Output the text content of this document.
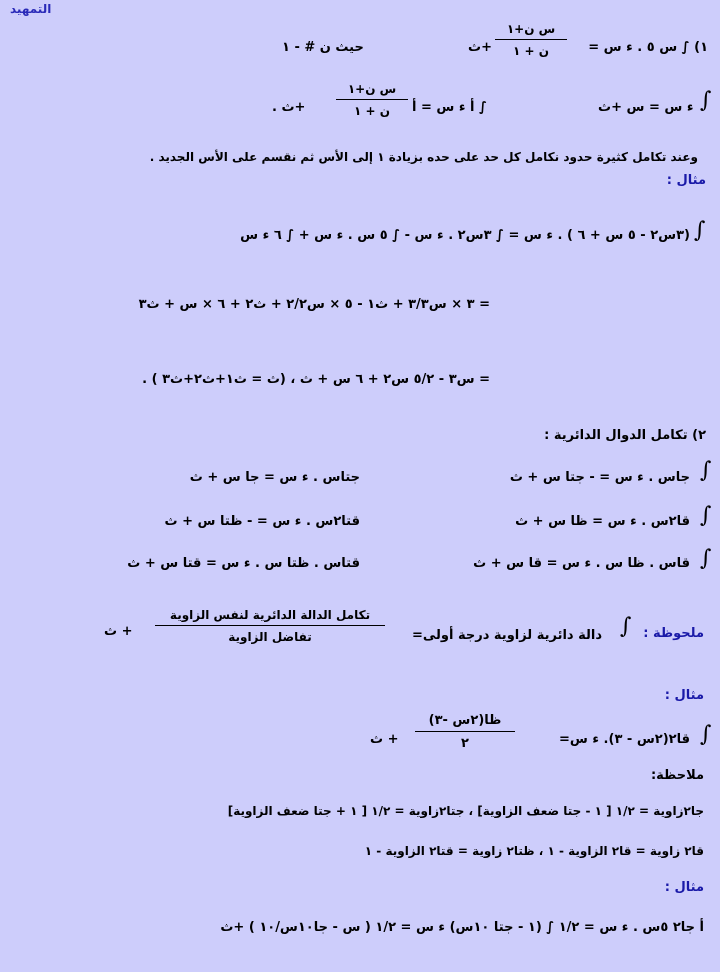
التمهيد
١) ∫ س ٥ . ء س =
س ن+١
ن + ١
+ث
حيث ن # - ١
∫
ء س = س +ث
∫ أ ء س = أ
س ن+١
ن + ١
+ث .
وعند تكامل كثيرة حدود نكامل كل حد على حده بزيادة ١ إلى الأس ثم نقسم على الأس الجديد .
مثال :
∫
(٣س٢ - ٥ س + ٦ ) . ء س = ∫ ٣س٢ . ء س - ∫ ٥ س . ء س + ∫ ٦ ء س
= ٣ × س٣/٣ + ث١ - ٥ × س٢/٢ + ث٢ + ٦ × س + ث٣
= س٣ - ٥/٢ س٢ + ٦ س + ث ، (ث = ث١+ث٢+ث٣ ) .
٢) تكامل الدوال الدائرية :
∫
جاس . ء س = - جتا س + ث
جتاس . ء س = جا س + ث
∫
قا٢س . ء س = ظا س + ث
قتا٢س . ء س = - ظتا س + ث
∫
قاس . ظا س . ء س = قا س + ث
قتاس . ظتا س . ء س = قتا س + ث
ملحوظة :
∫
دالة دائرية لزاوية درجة أولى=
تكامل الدالة الدائرية لنفس الزاوية
تفاضل الزاوية
+ ث
مثال :
∫
قا٢(٢س - ٣). ء س=
ظا(٢س -٣)
٢
+ ث
ملاحظة:
جا٢زاوية = ١/٢ [ ١ - جتا ضعف الزاوية] ، جتا٢زاوية = ١/٢ [ ١ + جتا ضعف الزاوية]
قا٢ زاوية = قا٢ الزاوية - ١ ، ظتا٢ زاوية = قتا٢ الزاوية - ١
مثال :
أ جا٢ ٥س . ء س = ١/٢ ∫ (١ - جتا ١٠س) ء س = ١/٢ ( س - جا١٠س/١٠ ) +ث
